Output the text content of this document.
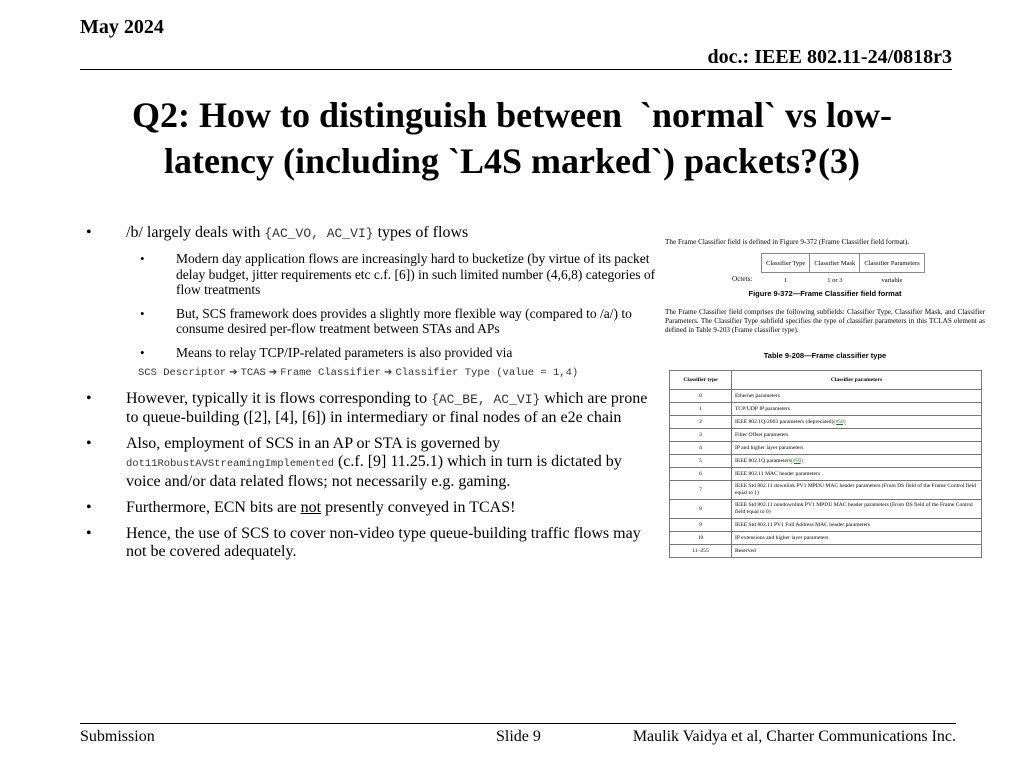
May 2024
doc.: IEEE 802.11-24/0818r3
Q2: How to distinguish between  `normal` vs low-
latency (including `L4S marked`) packets?(3)
• /b/ largely deals with {AC_VO, AC_VI} types of flows
• Modern day application flows are increasingly hard to bucketize (by virtue of its packet delay budget, jitter requirements etc c.f. [6]) in such limited number (4,6,8) categories of flow treatments
• But, SCS framework does provides a slightly more flexible way (compared to /a/) to consume desired per-flow treatment between STAs and APs
• Means to relay TCP/IP-related parameters is also provided via
SCS Descriptor ➔ TCAS ➔ Frame Classifier ➔ Classifier Type (value = 1,4)
• However, typically it is flows corresponding to {AC_BE, AC_VI} which are prone to queue-building ([2], [4], [6]) in intermediary or final nodes of an e2e chain
• Also, employment of SCS in an AP or STA is governed by dot11RobustAVStreamingImplemented (c.f. [9] 11.25.1) which in turn is dictated by voice and/or data related flows; not necessarily e.g. gaming.
• Furthermore, ECN bits are not presently conveyed in TCAS!
• Hence, the use of SCS to cover non-video type queue-building traffic flows may not be covered adequately.
The Frame Classifier field is defined in Figure 9-372 (Frame Classifier field format).
Classifier Type	Classifier Mask	Classifier Parameters
1	1 or 3	variable
Octets:
Figure 9-372—Frame Classifier field format
The Frame Classifier field comprises the following subfields: Classifier Type, Classifier Mask, and Classifier Parameters. The Classifier Type subfield specifies the type of classifier parameters in this TCLAS element as defined in Table 9-203 (Frame classifier type).
Table 9-208—Frame classifier type
Classifier type	Classifier parameters
0	Ethernet parameters
1	TCP/UDP IP parameters
2	IEEE 802.1Q-2003 parameters (deprecated)(#50)
3	Filter Offset parameters
4	IP and higher layer parameters
5	IEEE 802.1Q parameters(#50)
6	IEEE 802.11 MAC header parameters
7	IEEE Std 802.11 downlink PV1 MPDU MAC header parameters (From DS field of the Frame Control field equal to 1)
8	IEEE Std 802.11 nondownlink PV1 MPDU MAC header parameters (From DS field of the Frame Control field equal to 0)
9	IEEE Std 802.11 PV1 Full Address MAC header parameters
10	IP extensions and higher layer parameters
11–255	Reserved
Submission	Slide 9	Maulik Vaidya et al, Charter Communications Inc.
